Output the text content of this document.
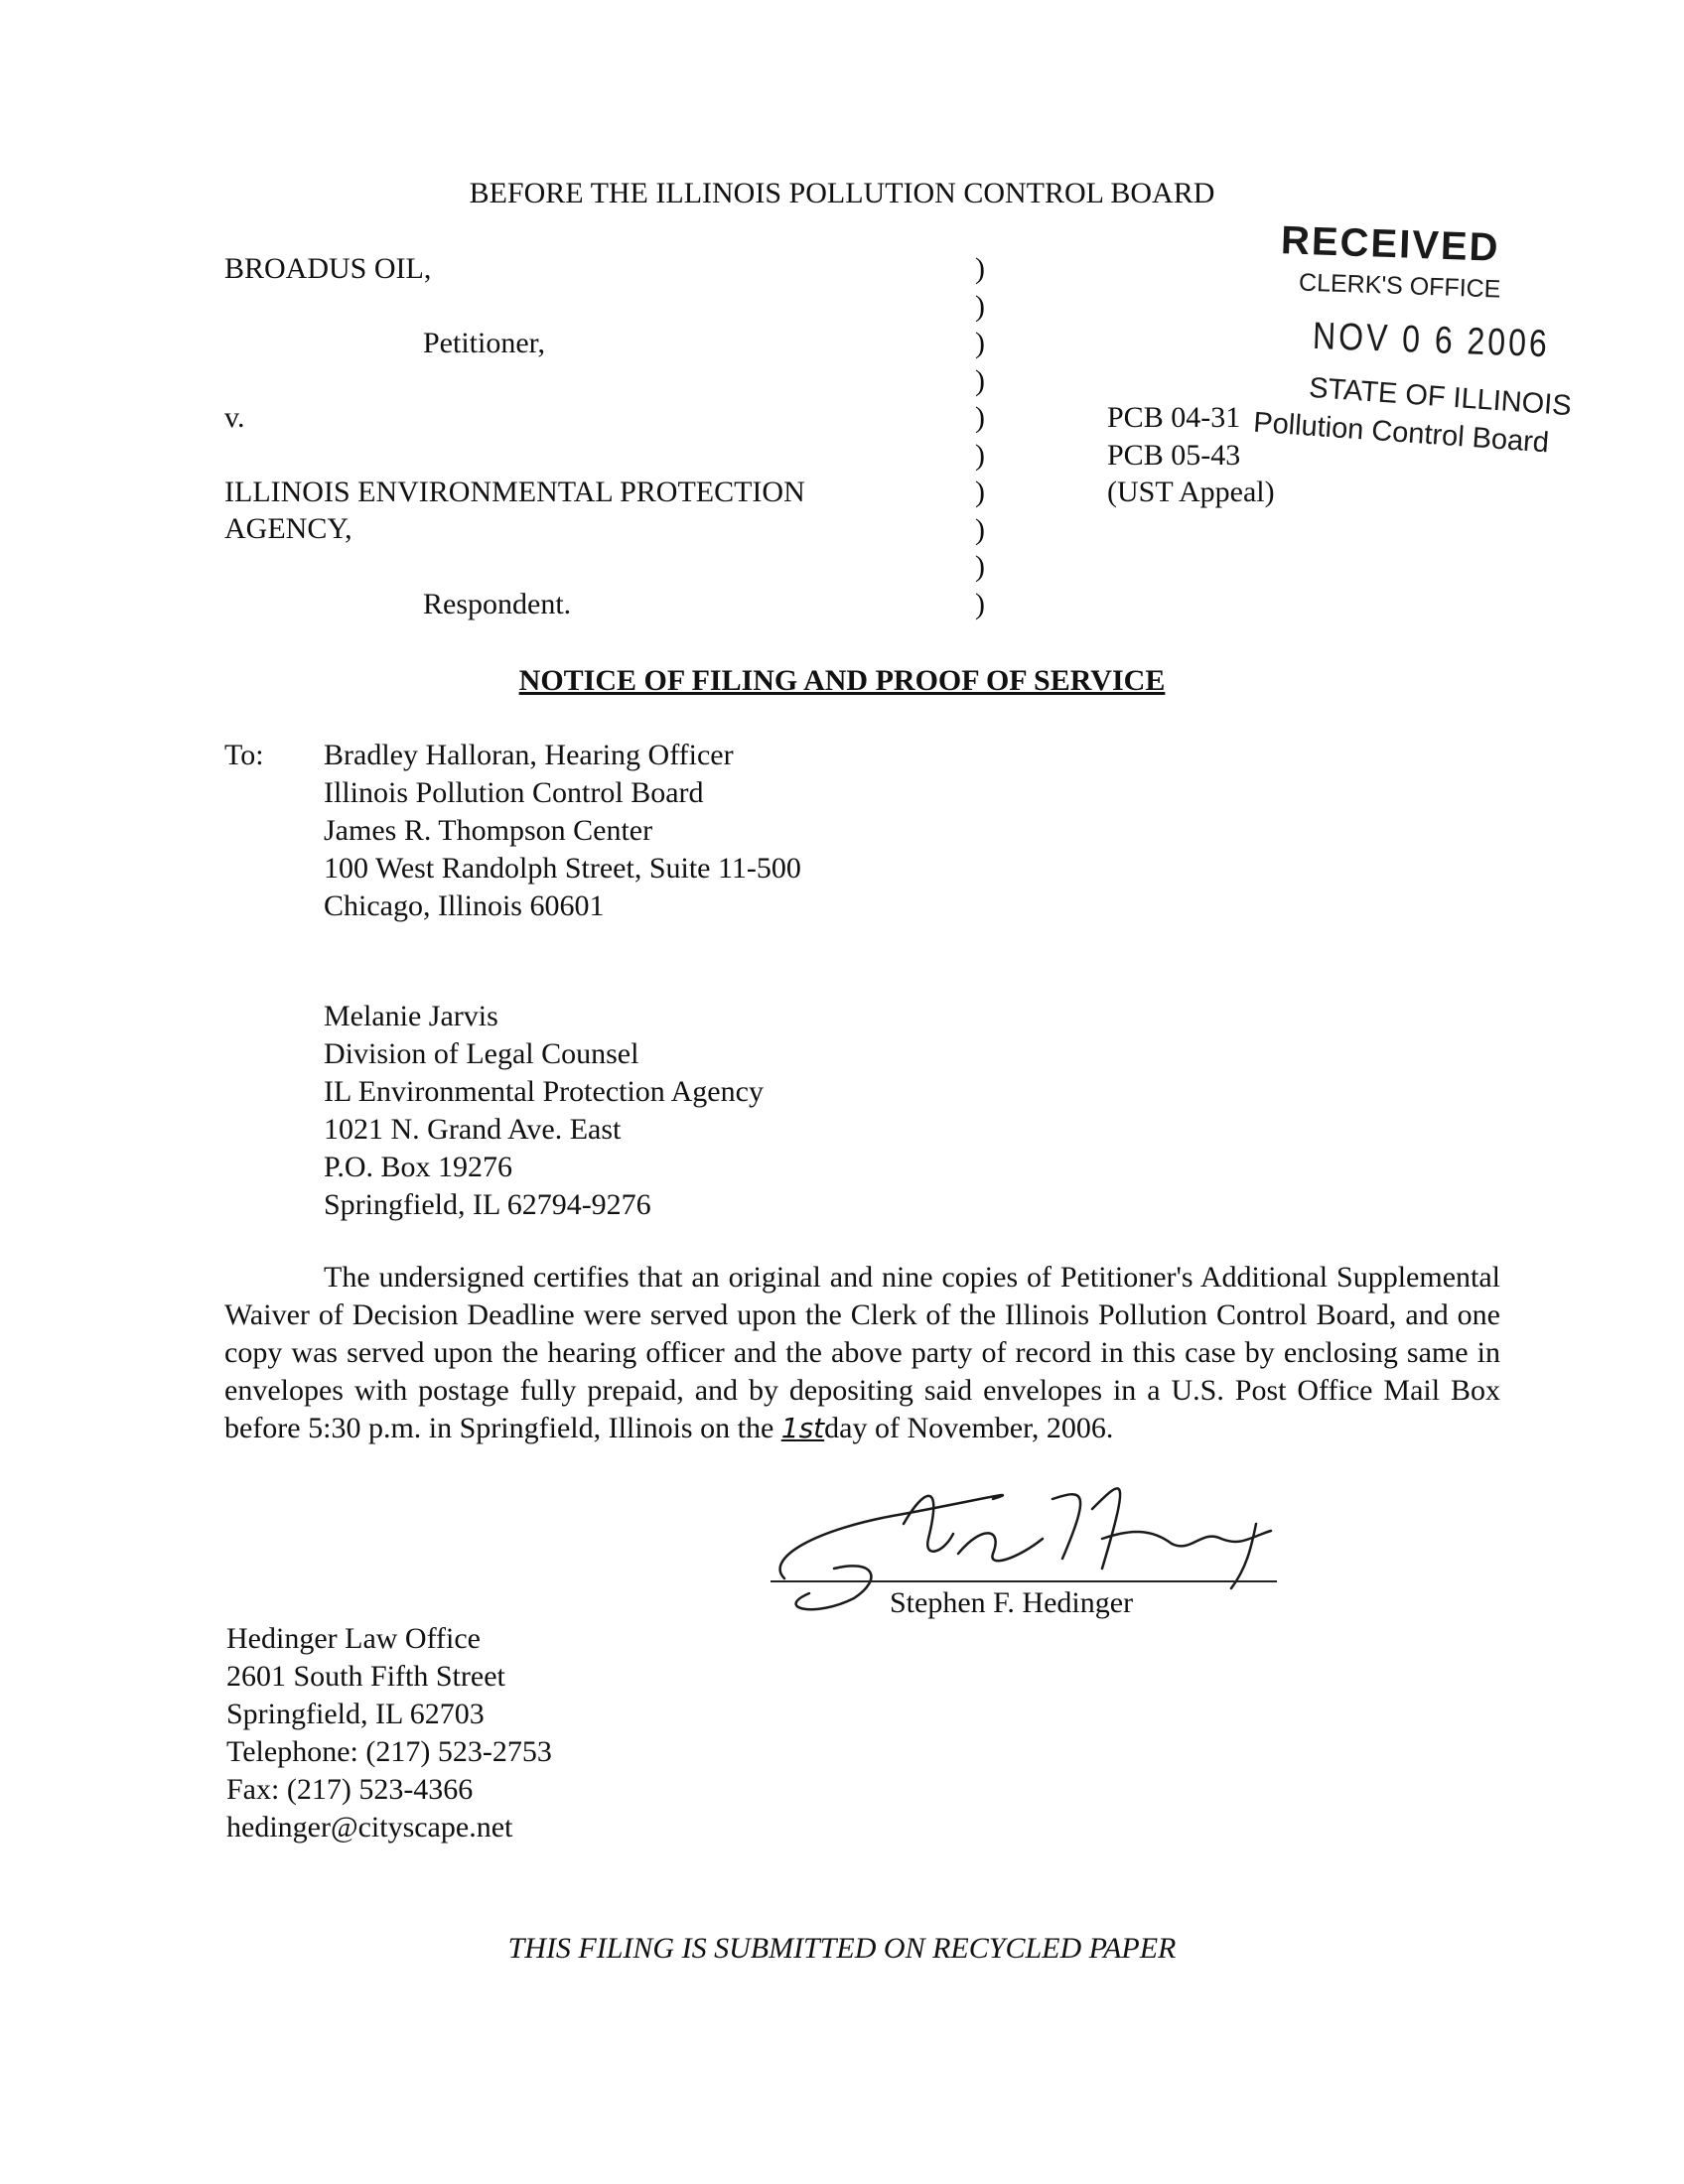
BEFORE THE ILLINOIS POLLUTION CONTROL BOARD
BROADUS OIL,
Petitioner,
v.
ILLINOIS ENVIRONMENTAL PROTECTION
AGENCY,
Respondent.
)
)
)
)
)
)
)
)
)
)
PCB 04-31
PCB 05-43
(UST Appeal)
RECEIVED
CLERK'S OFFICE
NOV 0 6 2006
STATE OF ILLINOIS
Pollution Control Board
NOTICE OF FILING AND PROOF OF SERVICE
To: Bradley Halloran, Hearing Officer
Illinois Pollution Control Board
James R. Thompson Center
100 West Randolph Street, Suite 11-500
Chicago, Illinois 60601
Melanie Jarvis
Division of Legal Counsel
IL Environmental Protection Agency
1021 N. Grand Ave. East
P.O. Box 19276
Springfield, IL 62794-9276
The undersigned certifies that an original and nine copies of Petitioner's Additional Supplemental Waiver of Decision Deadline were served upon the Clerk of the Illinois Pollution Control Board, and one copy was served upon the hearing officer and the above party of record in this case by enclosing same in envelopes with postage fully prepaid, and by depositing said envelopes in a U.S. Post Office Mail Box before 5:30 p.m. in Springfield, Illinois on the 1stday of November, 2006.
Stephen F. Hedinger
Hedinger Law Office
2601 South Fifth Street
Springfield, IL 62703
Telephone: (217) 523-2753
Fax: (217) 523-4366
hedinger@cityscape.net
THIS FILING IS SUBMITTED ON RECYCLED PAPER
